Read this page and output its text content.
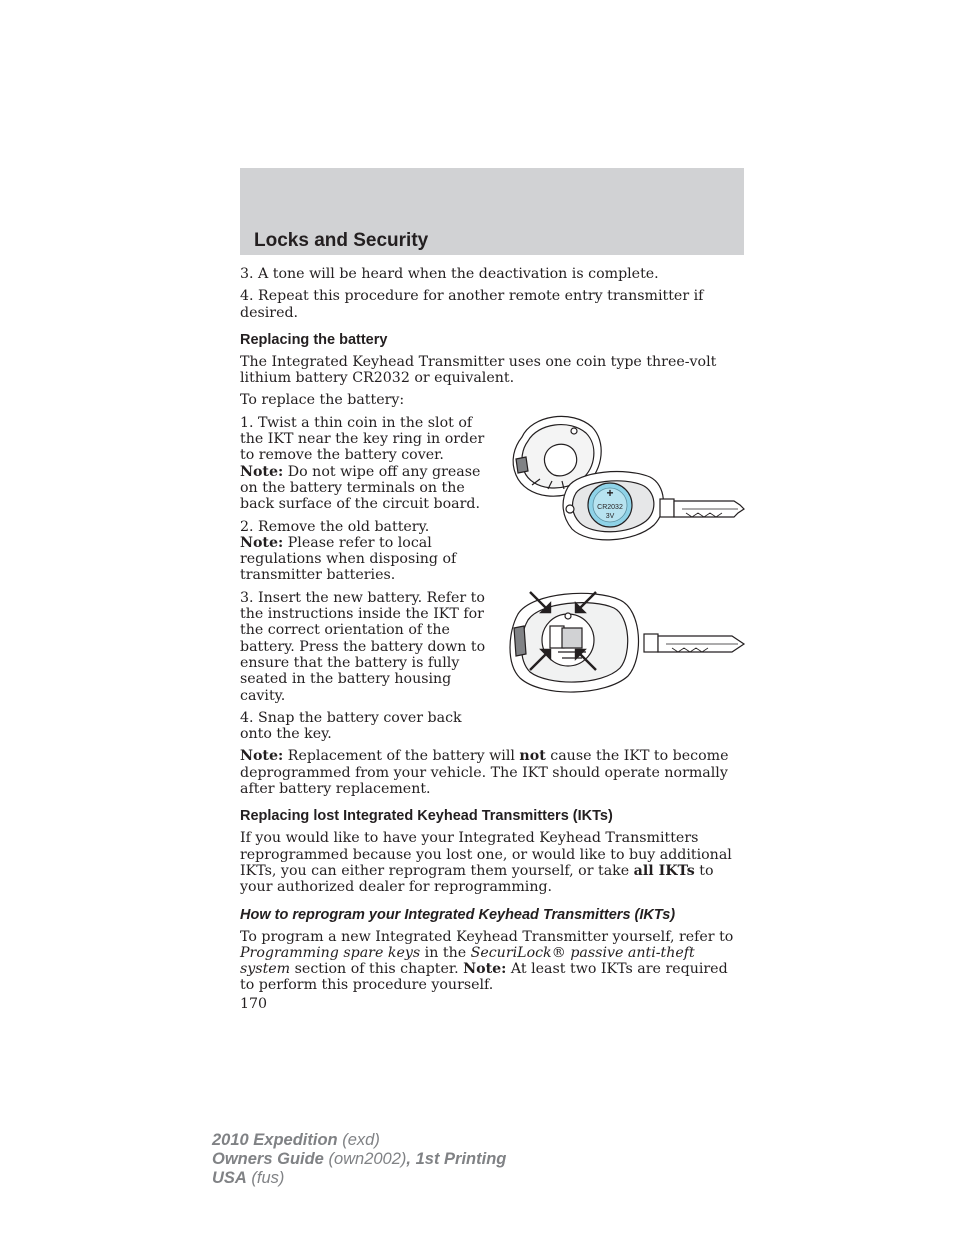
Locks and Security

3. A tone will be heard when the deactivation is complete.

4. Repeat this procedure for another remote entry transmitter if desired.

Replacing the battery

The Integrated Keyhead Transmitter uses one coin type three-volt lithium battery CR2032 or equivalent.

To replace the battery:

1. Twist a thin coin in the slot of the IKT near the key ring in order to remove the battery cover.
Note: Do not wipe off any grease on the battery terminals on the back surface of the circuit board.

2. Remove the old battery.
Note: Please refer to local regulations when disposing of transmitter batteries.

+
CR2032
3V

3. Insert the new battery. Refer to the instructions inside the IKT for the correct orientation of the battery. Press the battery down to ensure that the battery is fully seated in the battery housing cavity.

4. Snap the battery cover back onto the key.

Note: Replacement of the battery will not cause the IKT to become deprogrammed from your vehicle. The IKT should operate normally after battery replacement.

Replacing lost Integrated Keyhead Transmitters (IKTs)

If you would like to have your Integrated Keyhead Transmitters reprogrammed because you lost one, or would like to buy additional IKTs, you can either reprogram them yourself, or take all IKTs to your authorized dealer for reprogramming.

How to reprogram your Integrated Keyhead Transmitters (IKTs)

To program a new Integrated Keyhead Transmitter yourself, refer to Programming spare keys in the SecuriLock® passive anti-theft system section of this chapter. Note: At least two IKTs are required to perform this procedure yourself.

170

2010 Expedition (exd)
Owners Guide (own2002), 1st Printing
USA (fus)
